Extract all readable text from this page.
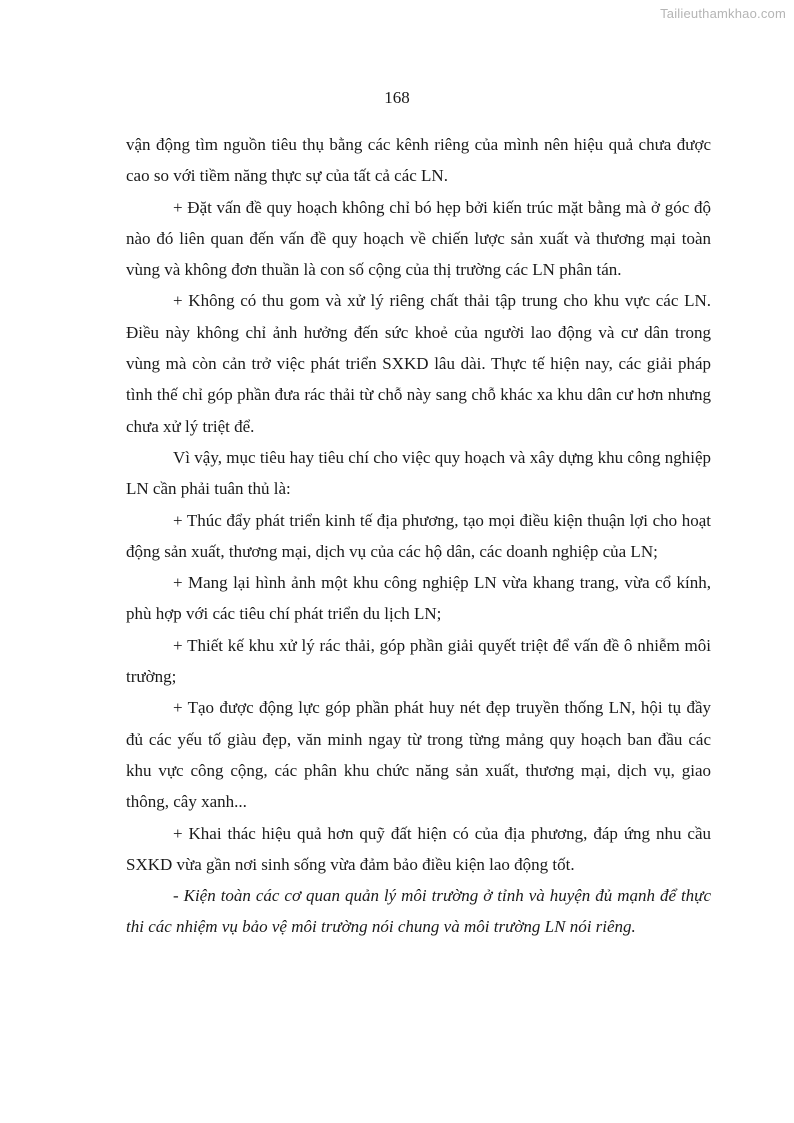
Tailieuthamkhao.com
168

vận động tìm nguồn tiêu thụ bằng các kênh riêng của mình nên hiệu quả chưa được cao so với tiềm năng thực sự của tất cả các LN.

+ Đặt vấn đề quy hoạch không chỉ bó hẹp bởi kiến trúc mặt bằng mà ở góc độ nào đó liên quan đến vấn đề quy hoạch về chiến lược sản xuất và thương mại toàn vùng và không đơn thuần là con số cộng của thị trường các LN phân tán.

+ Không có thu gom và xử lý riêng chất thải tập trung cho khu vực các LN. Điều này không chỉ ảnh hưởng đến sức khoẻ của người lao động và cư dân trong vùng mà còn cản trở việc phát triển SXKD lâu dài. Thực tế hiện nay, các giải pháp tình thế chỉ góp phần đưa rác thải từ chỗ này sang chỗ khác xa khu dân cư hơn nhưng chưa xử lý triệt để.

Vì vậy, mục tiêu hay tiêu chí cho việc quy hoạch và xây dựng khu công nghiệp LN cần phải tuân thủ là:

+ Thúc đẩy phát triển kinh tế địa phương, tạo mọi điều kiện thuận lợi cho hoạt động sản xuất, thương mại, dịch vụ của các hộ dân, các doanh nghiệp của LN;

+ Mang lại hình ảnh một khu công nghiệp LN vừa khang trang, vừa cổ kính, phù hợp với các tiêu chí phát triển du lịch LN;

+ Thiết kế khu xử lý rác thải, góp phần giải quyết triệt để vấn đề ô nhiễm môi trường;

+ Tạo được động lực góp phần phát huy nét đẹp truyền thống LN, hội tụ đầy đủ các yếu tố giàu đẹp, văn minh ngay từ trong từng mảng quy hoạch ban đầu các khu vực công cộng, các phân khu chức năng sản xuất, thương mại, dịch vụ, giao thông, cây xanh...

+ Khai thác hiệu quả hơn quỹ đất hiện có của địa phương, đáp ứng nhu cầu SXKD vừa gần nơi sinh sống vừa đảm bảo điều kiện lao động tốt.

- Kiện toàn các cơ quan quản lý môi trường ở tỉnh và huyện đủ mạnh để thực thi các nhiệm vụ bảo vệ môi trường nói chung và môi trường LN nói riêng.
